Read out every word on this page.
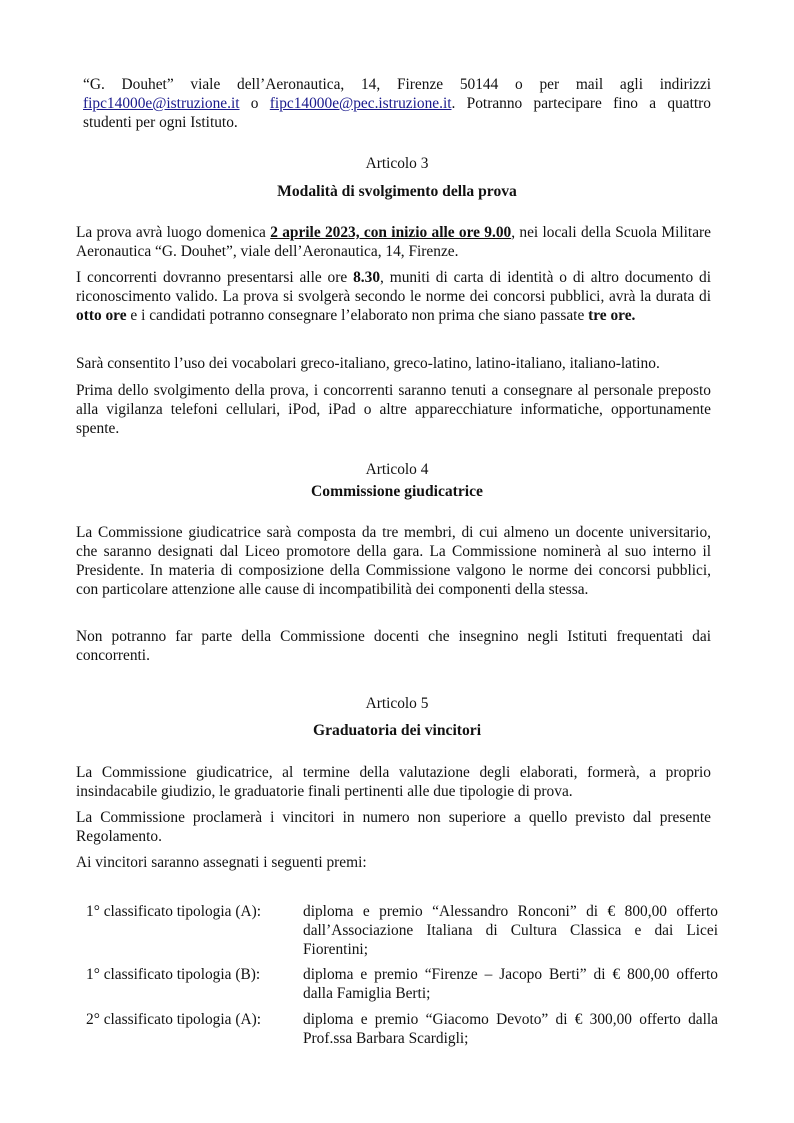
“G. Douhet” viale dell’Aeronautica, 14, Firenze 50144 o per mail agli indirizzi fipc14000e@istruzione.it o fipc14000e@pec.istruzione.it. Potranno partecipare fino a quattro studenti per ogni Istituto.

Articolo 3

Modalità di svolgimento della prova

La prova avrà luogo domenica 2 aprile 2023, con inizio alle ore 9.00, nei locali della Scuola Militare Aeronautica “G. Douhet”, viale dell’Aeronautica, 14, Firenze.

I concorrenti dovranno presentarsi alle ore 8.30, muniti di carta di identità o di altro documento di riconoscimento valido. La prova si svolgerà secondo le norme dei concorsi pubblici, avrà la durata di otto ore e i candidati potranno consegnare l’elaborato non prima che siano passate tre ore.

Sarà consentito l’uso dei vocabolari greco-italiano, greco-latino, latino-italiano, italiano-latino.

Prima dello svolgimento della prova, i concorrenti saranno tenuti a consegnare al personale preposto alla vigilanza telefoni cellulari, iPod, iPad o altre apparecchiature informatiche, opportunamente spente.

Articolo 4

Commissione giudicatrice

La Commissione giudicatrice sarà composta da tre membri, di cui almeno un docente universitario, che saranno designati dal Liceo promotore della gara. La Commissione nominerà al suo interno il Presidente. In materia di composizione della Commissione valgono le norme dei concorsi pubblici, con particolare attenzione alle cause di incompatibilità dei componenti della stessa.

Non potranno far parte della Commissione docenti che insegnino negli Istituti frequentati dai concorrenti.

Articolo 5

Graduatoria dei vincitori

La Commissione giudicatrice, al termine della valutazione degli elaborati, formerà, a proprio insindacabile giudizio, le graduatorie finali pertinenti alle due tipologie di prova.

La Commissione proclamerà i vincitori in numero non superiore a quello previsto dal presente Regolamento.

Ai vincitori saranno assegnati i seguenti premi:

1° classificato tipologia (A):	diploma e premio “Alessandro Ronconi” di € 800,00 offerto dall’Associazione Italiana di Cultura Classica e dai Licei Fiorentini;

1° classificato tipologia (B):	diploma e premio “Firenze – Jacopo Berti” di € 800,00 offerto dalla Famiglia Berti;

2° classificato tipologia (A):	diploma e premio “Giacomo Devoto” di € 300,00 offerto dalla Prof.ssa Barbara Scardigli;
